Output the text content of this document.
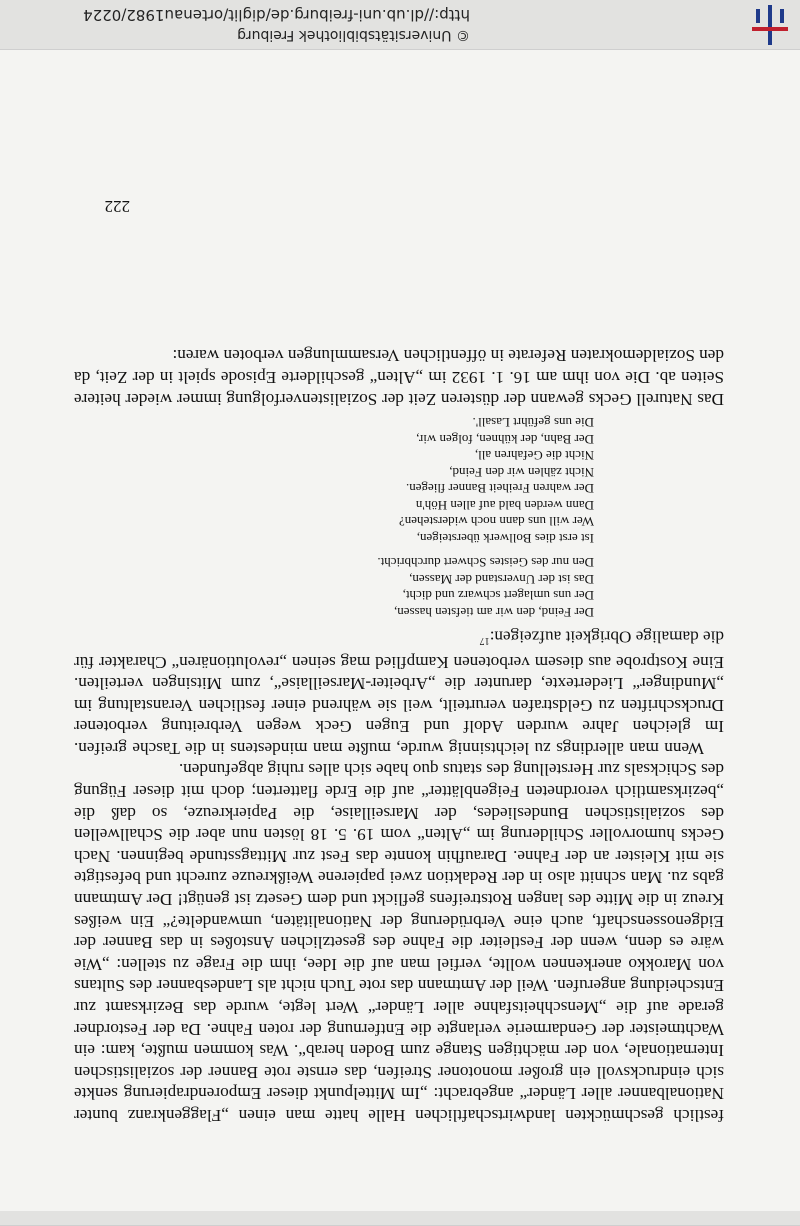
festlich geschmückten landwirtschaftlichen Halle hatte man einen „Flaggenkranz bunter Nationalbanner aller Länder“ angebracht: „Im Mittelpunkt dieser Emporendrapierung senkte sich eindrucksvoll ein großer monotoner Streifen, das ernste rote Banner der sozialistischen Internationale, von der mächtigen Stange zum Boden herab“. Was kommen mußte, kam: ein Wachtmeister der Gendarmerie verlangte die Entfernung der roten Fahne. Da der Festordner gerade auf die „Menschheitsfahne aller Länder“ Wert legte, wurde das Bezirksamt zur Entscheidung angerufen. Weil der Amtmann das rote Tuch nicht als Landesbanner des Sultans von Marokko anerkennen wollte, verfiel man auf die Idee, ihm die Frage zu stellen: „Wie wäre es denn, wenn der Festleiter die Fahne des gesetzlichen Anstoßes in das Banner der Eidgenossenschaft, auch eine Verbrüderung der Nationalitäten, umwandelte?“ Ein weißes Kreuz in die Mitte des langen Rotstreifens geflickt und dem Gesetz ist genügt! Der Amtmann gabs zu. Man schnitt also in der Redaktion zwei papierene Weißkreuze zurecht und befestigte sie mit Kleister an der Fahne. Daraufhin konnte das Fest zur Mittagsstunde beginnen. Nach Gecks humorvoller Schilderung im „Alten“ vom 19. 5. 18 lösten nun aber die Schallwellen des sozialistischen Bundesliedes, der Marseillaise, die Papierkreuze, so daß die „bezirksamtlich verordneten Feigenblätter“ auf die Erde flatterten; doch mit dieser Fügung des Schicksals zur Herstellung des status quo habe sich alles ruhig abgefunden.

Wenn man allerdings zu leichtsinnig wurde, mußte man mindestens in die Tasche greifen. Im gleichen Jahre wurden Adolf und Eugen Geck wegen Verbreitung verbotener Druckschriften zu Geldstrafen verurteilt, weil sie während einer festlichen Veranstaltung im „Mundinger“ Liedertexte, darunter die „Arbeiter-Marseillaise“, zum Mitsingen verteilten. Eine Kostprobe aus diesem verbotenen Kampflied mag seinen „revolutionären“ Charakter für die damalige Obrigkeit aufzeigen:$^{17}$

Der Feind, den wir am tiefsten hassen,
Der uns umlagert schwarz und dicht,
Das ist der Unverstand der Massen,
Den nur des Geistes Schwert durchbricht.
Ist erst dies Bollwerk übersteigen,
Wer will uns dann noch widerstehen?
Dann werden bald auf allen Höh'n
Der wahren Freiheit Banner fliegen.
Nicht zählen wir den Feind,
Nicht die Gefahren all,
Der Bahn, der kühnen, folgen wir,
Die uns geführt Lasall'.

Das Naturell Gecks gewann der düsteren Zeit der Sozialistenverfolgung immer wieder heitere Seiten ab. Die von ihm am 16. 1. 1932 im „Alten“ geschilderte Episode spielt in der Zeit, da den Sozialdemokraten Referate in öffentlichen Versammlungen verboten waren:

222
© Universitätsbibliothek Freiburg
http://dl.ub.uni-freiburg.de/diglit/ortenau1982/0224
